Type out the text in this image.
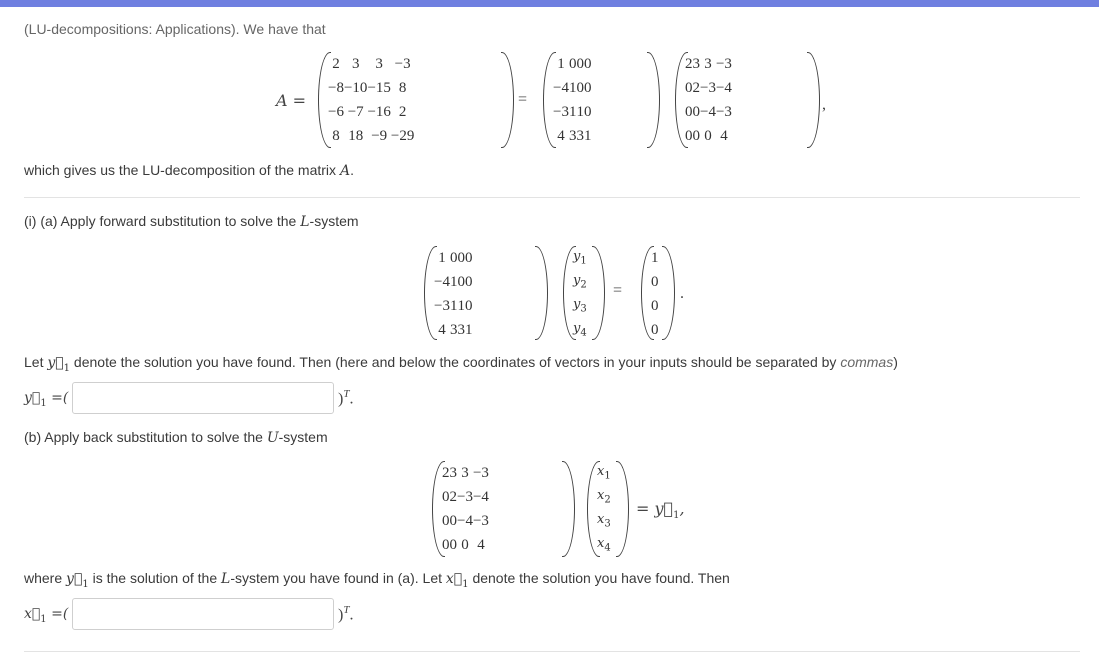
(LU-decompositions: Applications). We have that
A =
2	3	3	−3
−8	−10	−15	8
−6	−7	−16	2
8	18	−9	−29
=
1	0	0	0
−4	1	0	0
−3	1	1	0
4	3	3	1
2	3	3	−3
0	2	−3	−4
0	0	−4	−3
0	0	0	4
,
which gives us the LU-decomposition of the matrix A.
(i) (a) Apply forward substitution to solve the L-system
1	0	0	0
−4	1	0	0
−3	1	1	0
4	3	3	1
$y_1$
$y_2$
$y_3$
$y_4$
=
1
0
0
0
.
Let $y⃗_1$ denote the solution you have found. Then (here and below the coordinates of vectors in your inputs should be separated by commas)
$y⃗_1$ =(	)$^T$.
(b) Apply back substitution to solve the U-system
2	3	3	−3
0	2	−3	−4
0	0	−4	−3
0	0	0	4
$x_1$
$x_2$
$x_3$
$x_4$
= $y⃗_1$,
where $y⃗_1$ is the solution of the L-system you have found in (a). Let $x⃗_1$ denote the solution you have found. Then
$x⃗_1$ =(	)$^T$.
